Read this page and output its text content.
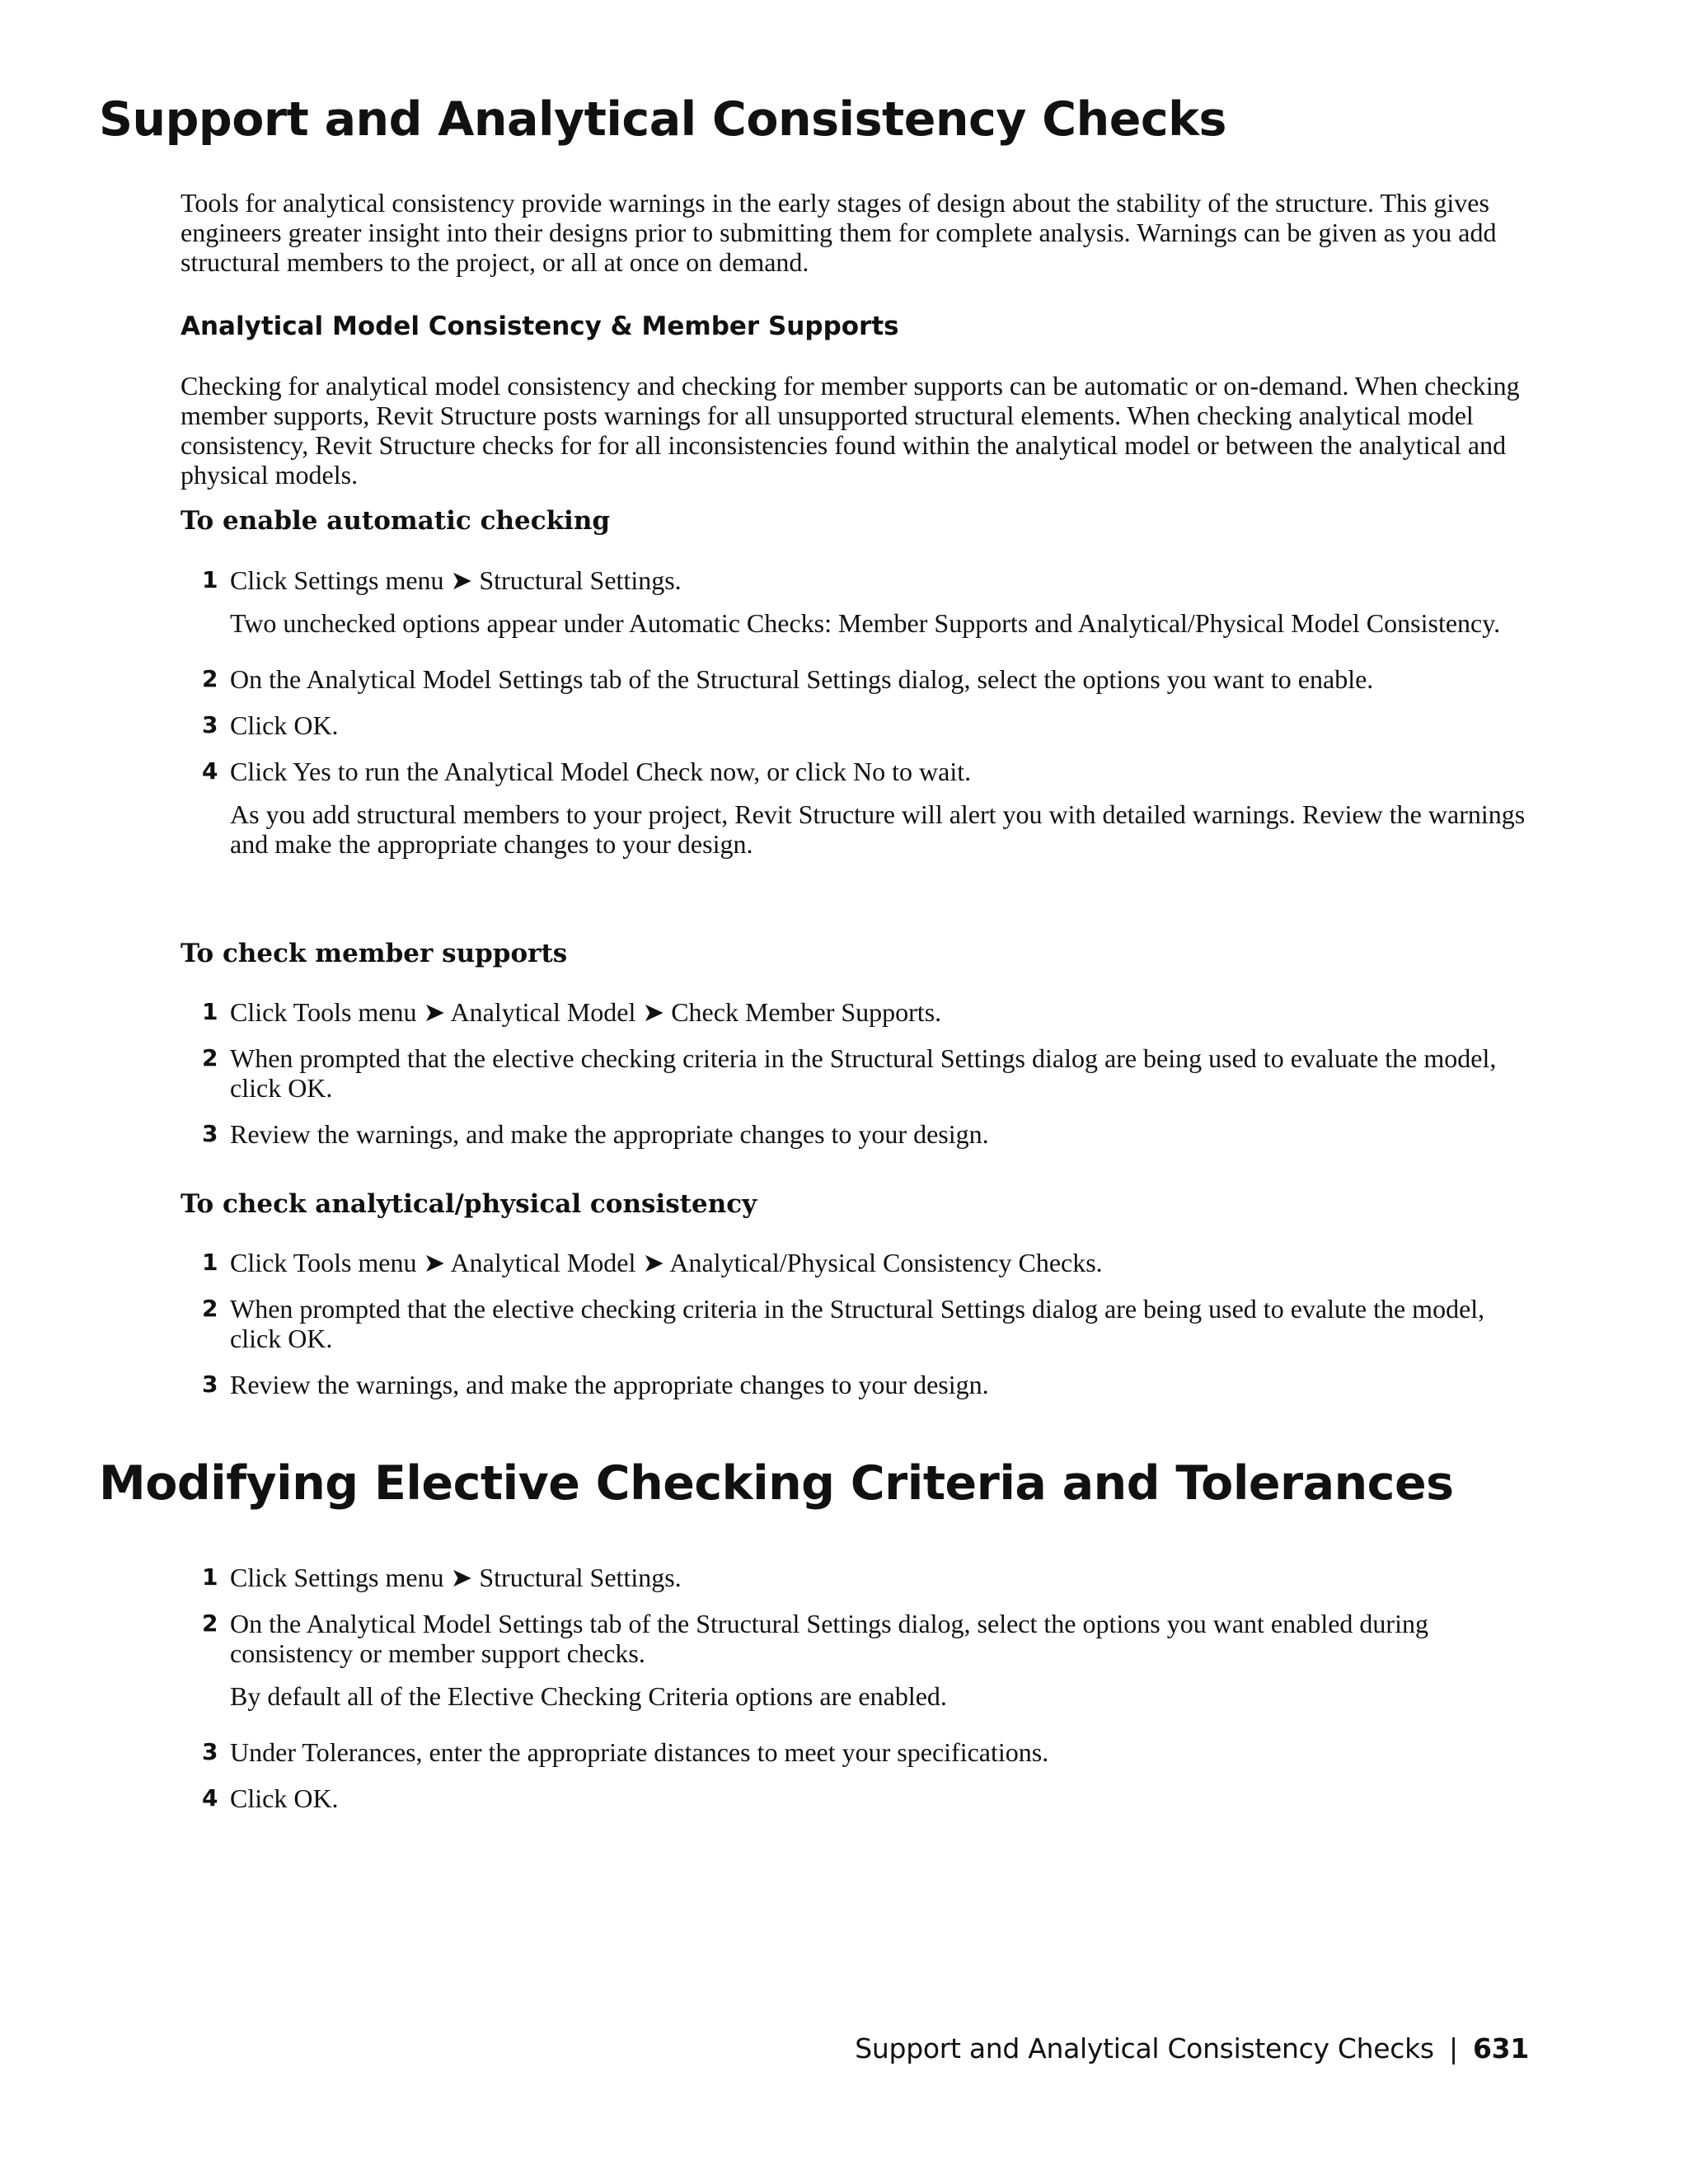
Support and Analytical Consistency Checks

Tools for analytical consistency provide warnings in the early stages of design about the stability of the structure. This gives engineers greater insight into their designs prior to submitting them for complete analysis. Warnings can be given as you add structural members to the project, or all at once on demand.

Analytical Model Consistency & Member Supports

Checking for analytical model consistency and checking for member supports can be automatic or on-demand. When checking member supports, Revit Structure posts warnings for all unsupported structural elements. When checking analytical model consistency, Revit Structure checks for for all inconsistencies found within the analytical model or between the analytical and physical models.

To enable automatic checking
1 Click Settings menu ➤ Structural Settings.
Two unchecked options appear under Automatic Checks: Member Supports and Analytical/Physical Model Consistency.
2 On the Analytical Model Settings tab of the Structural Settings dialog, select the options you want to enable.
3 Click OK.
4 Click Yes to run the Analytical Model Check now, or click No to wait.
As you add structural members to your project, Revit Structure will alert you with detailed warnings. Review the warnings and make the appropriate changes to your design.
To check member supports
1 Click Tools menu ➤ Analytical Model ➤ Check Member Supports.
2 When prompted that the elective checking criteria in the Structural Settings dialog are being used to evaluate the model, click OK.
3 Review the warnings, and make the appropriate changes to your design.
To check analytical/physical consistency
1 Click Tools menu ➤ Analytical Model ➤ Analytical/Physical Consistency Checks.
2 When prompted that the elective checking criteria in the Structural Settings dialog are being used to evalute the model, click OK.
3 Review the warnings, and make the appropriate changes to your design.
Modifying Elective Checking Criteria and Tolerances
1 Click Settings menu ➤ Structural Settings.
2 On the Analytical Model Settings tab of the Structural Settings dialog, select the options you want enabled during consistency or member support checks.
By default all of the Elective Checking Criteria options are enabled.
3 Under Tolerances, enter the appropriate distances to meet your specifications.
4 Click OK.
Support and Analytical Consistency Checks | 631
